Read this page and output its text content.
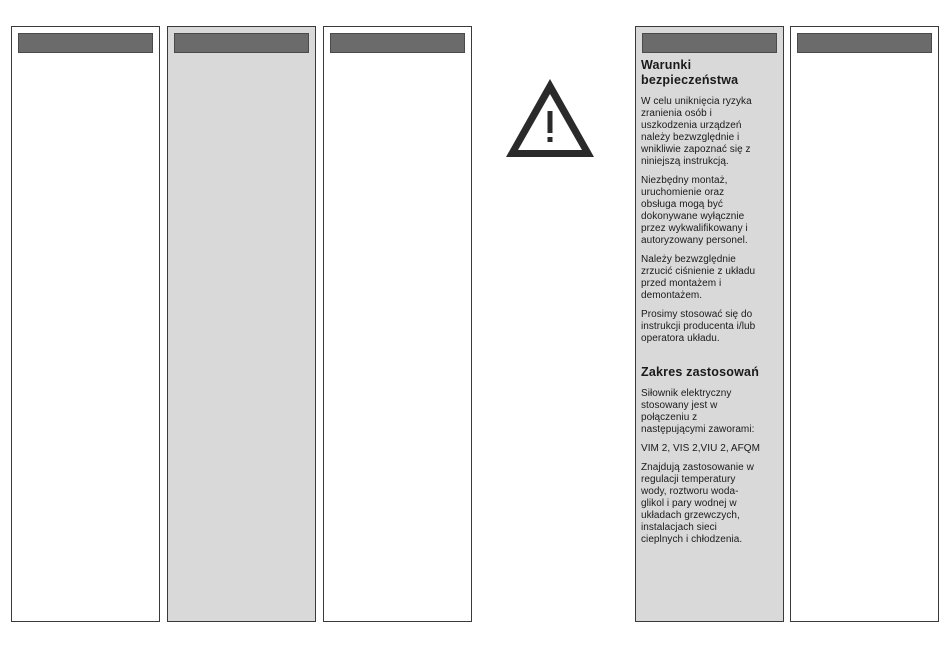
Warunki
bezpieczeństwa

W celu uniknięcia ryzyka
zranienia osób i
uszkodzenia urządzeń
należy bezwzględnie i
wnikliwie zapoznać się z
niniejszą instrukcją.

Niezbędny montaż,
uruchomienie oraz
obsługa mogą być
dokonywane wyłącznie
przez wykwalifikowany i
autoryzowany personel.

Należy bezwzględnie
zrzucić ciśnienie z układu
przed montażem i
demontażem.

Prosimy stosować się do
instrukcji producenta i/lub
operatora układu.

Zakres zastosowań

Siłownik elektryczny
stosowany jest w
połączeniu z
następującymi zaworami:

VIM 2, VIS 2,VIU 2, AFQM

Znajdują zastosowanie w
regulacji temperatury
wody, roztworu woda-
glikol i pary wodnej w
układach grzewczych,
instalacjach sieci
cieplnych i chłodzenia.
